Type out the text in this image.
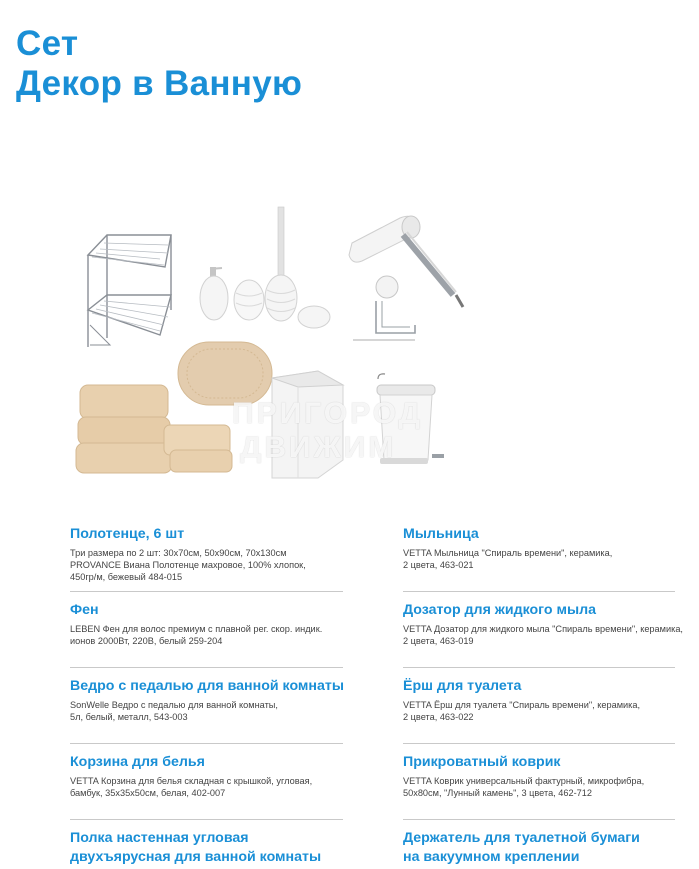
Сет
Декор в Ванную
ПРИГОРОД
ДВИЖИМ
Полотенце, 6 шт

Три размера по 2 шт: 30х70см, 50х90см, 70х130см
PROVANCE Виана Полотенце махровое, 100% хлопок,
450гр/м, бежевый 484-015

Фен

LEBEN Фен для волос премиум с плавной рег. скор. индик.
ионов 2000Вт, 220В, белый 259-204

Ведро с педалью для ванной комнаты

SonWelle Ведро с педалью для ванной комнаты,
5л, белый, металл, 543-003

Корзина для белья

VETTA Корзина для белья складная с крышкой, угловая,
бамбук, 35х35х50см, белая, 402-007

Полка настенная угловая
двухъярусная для ванной комнаты
Мыльница

VETTA Мыльница "Спираль времени", керамика,
2 цвета, 463-021

Дозатор для жидкого мыла

VETTA Дозатор для жидкого мыла "Спираль времени", керамика,
2 цвета, 463-019

Ёрш для туалета

VETTA Ёрш для туалета "Спираль времени", керамика,
2 цвета, 463-022

Прикроватный коврик

VETTA Коврик универсальный фактурный, микрофибра,
50х80см, "Лунный камень", 3 цвета, 462-712

Держатель для туалетной бумаги
на вакуумном креплении
